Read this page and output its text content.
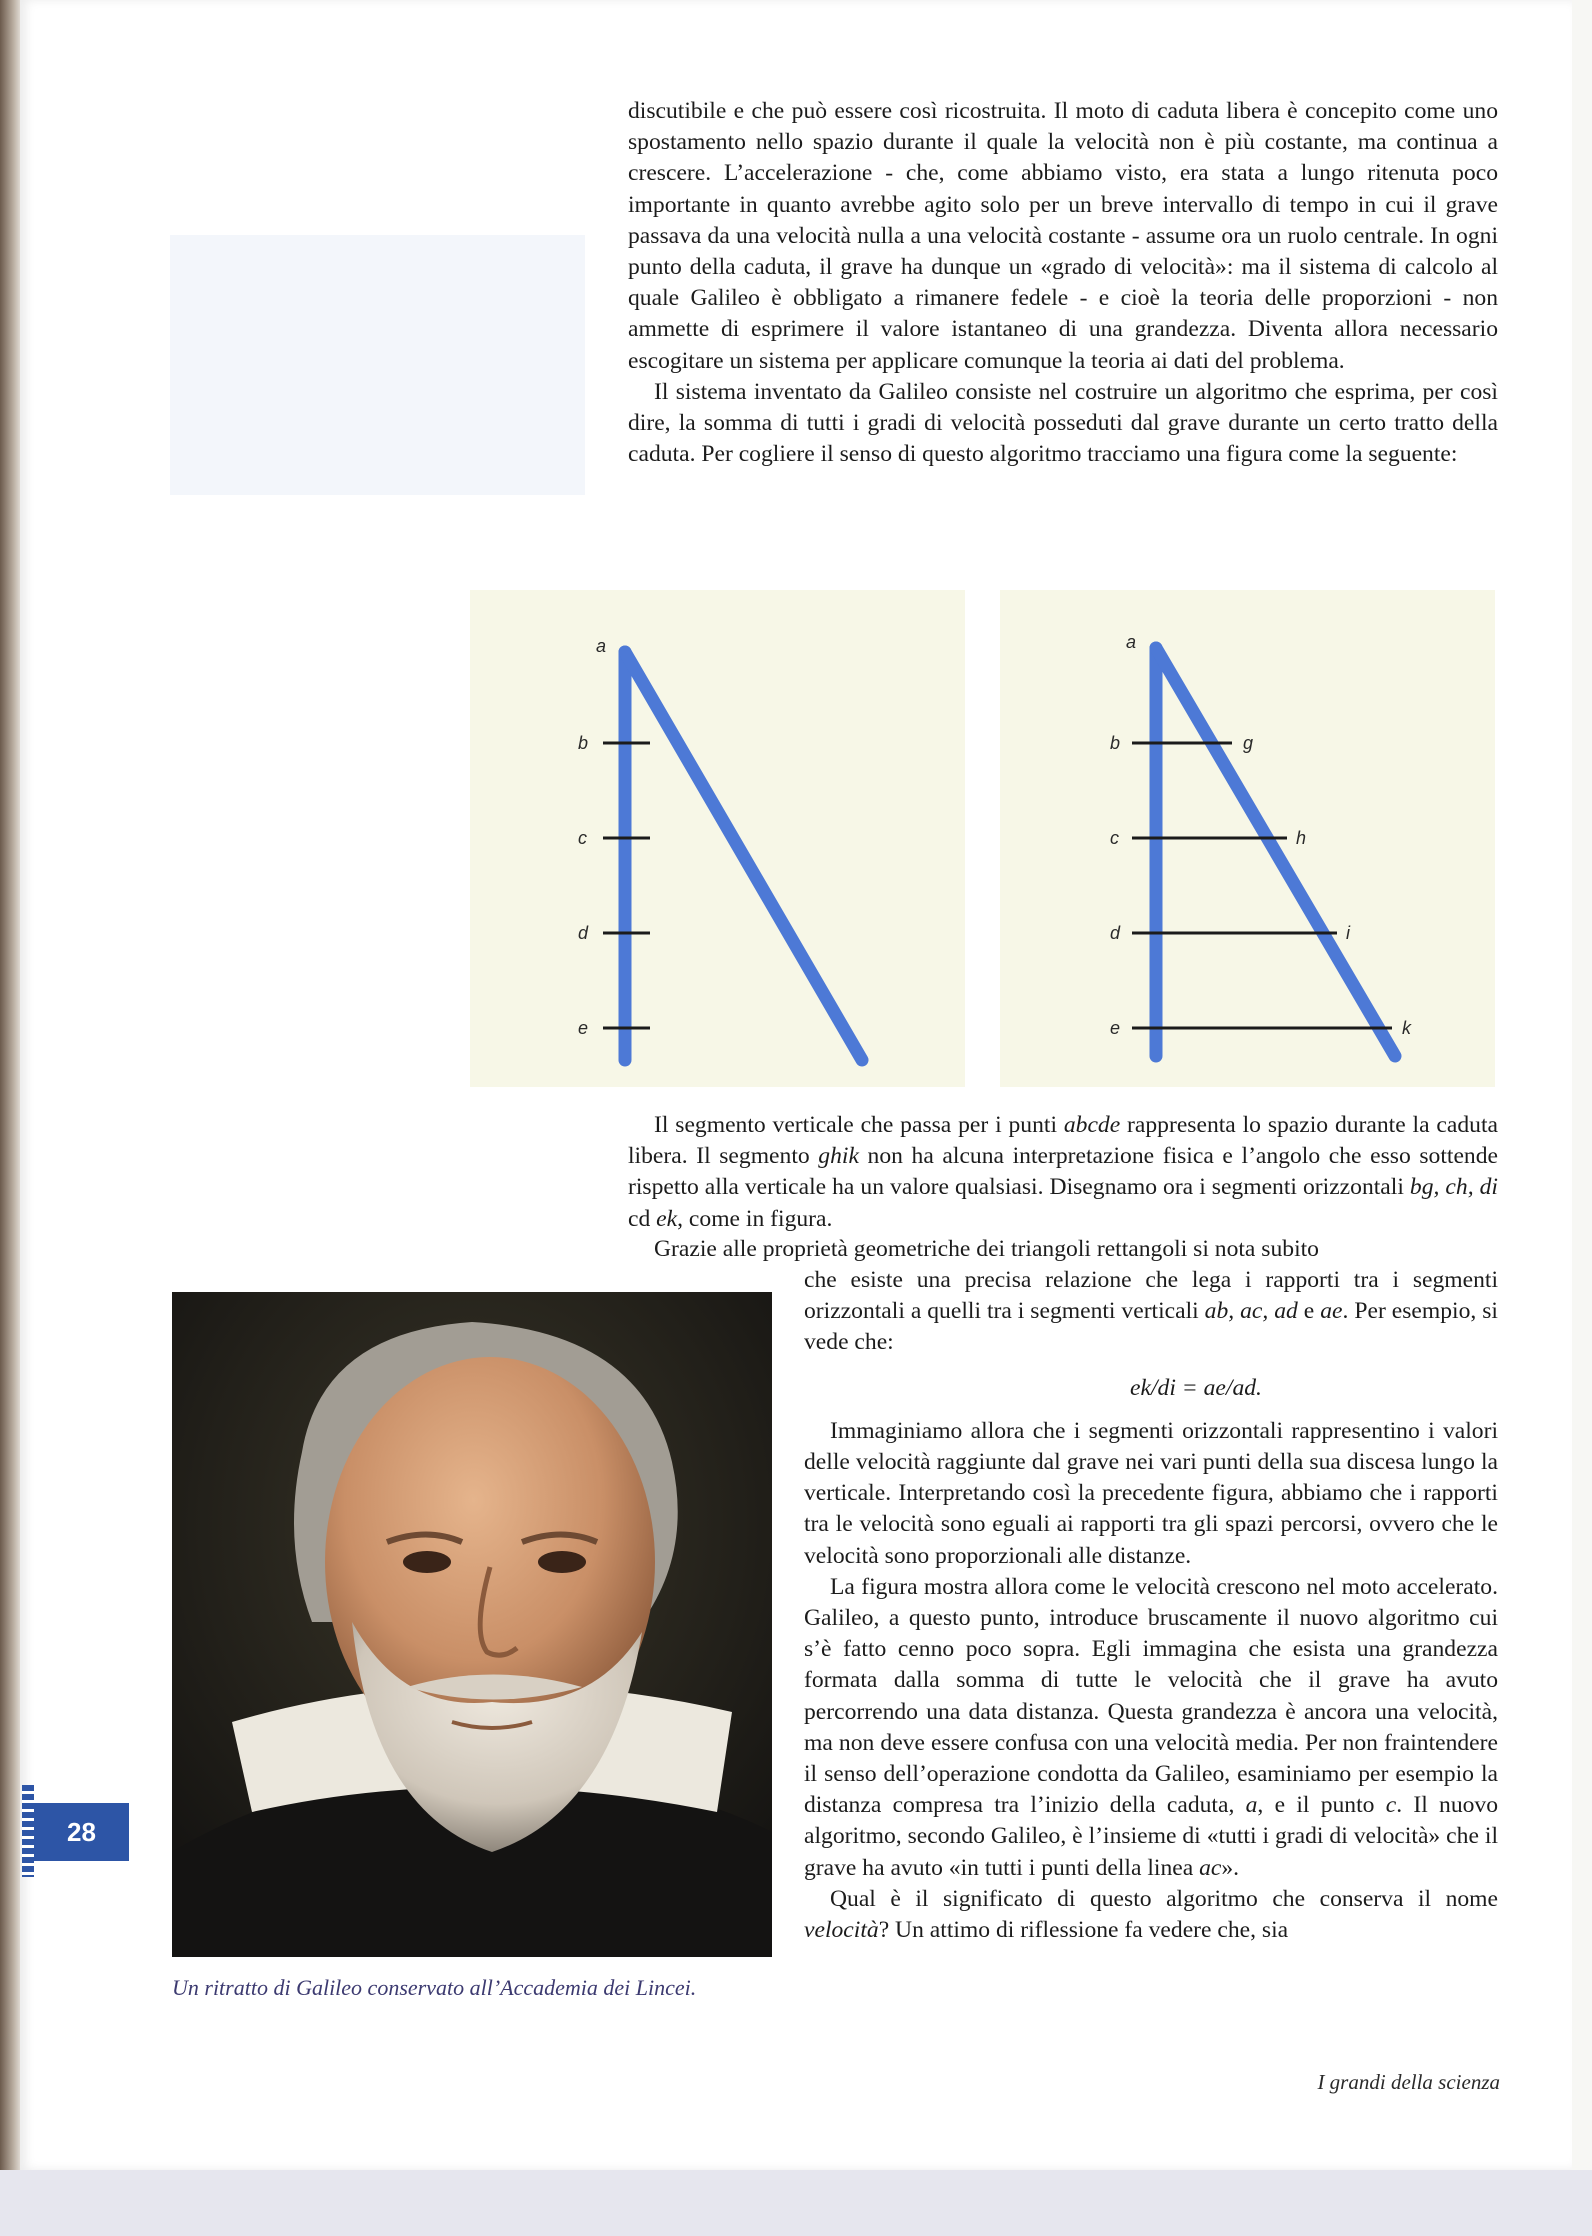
discutibile e che può essere così ricostruita. Il moto di caduta libera è concepito come uno spostamento nello spazio durante il quale la velocità non è più costante, ma continua a crescere. L’accelerazione - che, come abbiamo visto, era stata a lungo ritenuta poco importante in quanto avrebbe agito solo per un breve intervallo di tempo in cui il grave passava da una velocità nulla a una velocità costante - assume ora un ruolo centrale. In ogni punto della caduta, il grave ha dunque un «grado di velocità»: ma il sistema di calcolo al quale Galileo è obbligato a rimanere fedele - e cioè la teoria delle proporzioni - non ammette di esprimere il valore istantaneo di una grandezza. Diventa allora necessario escogitare un sistema per applicare comunque la teoria ai dati del problema.

Il sistema inventato da Galileo consiste nel costruire un algoritmo che esprima, per così dire, la somma di tutti i gradi di velocità posseduti dal grave durante un certo tratto della caduta. Per cogliere il senso di questo algoritmo tracciamo una figura come la seguente:

a
b
c
d
e
a
b
c
d
e
g
h
i
k

Il segmento verticale che passa per i punti abcde rappresenta lo spazio durante la caduta libera. Il segmento ghik non ha alcuna interpretazione fisica e l’angolo che esso sottende rispetto alla verticale ha un valore qualsiasi. Disegnamo ora i segmenti orizzontali bg, ch, di cd ek, come in figura.

Grazie alle proprietà geometriche dei triangoli rettangoli si nota subito

che esiste una precisa relazione che lega i rapporti tra i segmenti orizzontali a quelli tra i segmenti verticali ab, ac, ad e ae. Per esempio, si vede che:

ek/di = ae/ad.

Immaginiamo allora che i segmenti orizzontali rappresentino i valori delle velocità raggiunte dal grave nei vari punti della sua discesa lungo la verticale. Interpretando così la precedente figura, abbiamo che i rapporti tra le velocità sono eguali ai rapporti tra gli spazi percorsi, ovvero che le velocità sono proporzionali alle distanze.

La figura mostra allora come le velocità crescono nel moto accelerato. Galileo, a questo punto, introduce bruscamente il nuovo algoritmo cui s’è fatto cenno poco sopra. Egli immagina che esista una grandezza formata dalla somma di tutte le velocità che il grave ha avuto percorrendo una data distanza. Questa grandezza è ancora una velocità, ma non deve essere confusa con una velocità media. Per non fraintendere il senso dell’operazione condotta da Galileo, esaminiamo per esempio la distanza compresa tra l’inizio della caduta, a, e il punto c. Il nuovo algoritmo, secondo Galileo, è l’insieme di «tutti i gradi di velocità» che il grave ha avuto «in tutti i punti della linea ac».

Qual è il significato di questo algoritmo che conserva il nome velocità? Un attimo di riflessione fa vedere che, sia

Un ritratto di Galileo conservato all’Accademia dei Lincei.
28
I grandi della scienza
